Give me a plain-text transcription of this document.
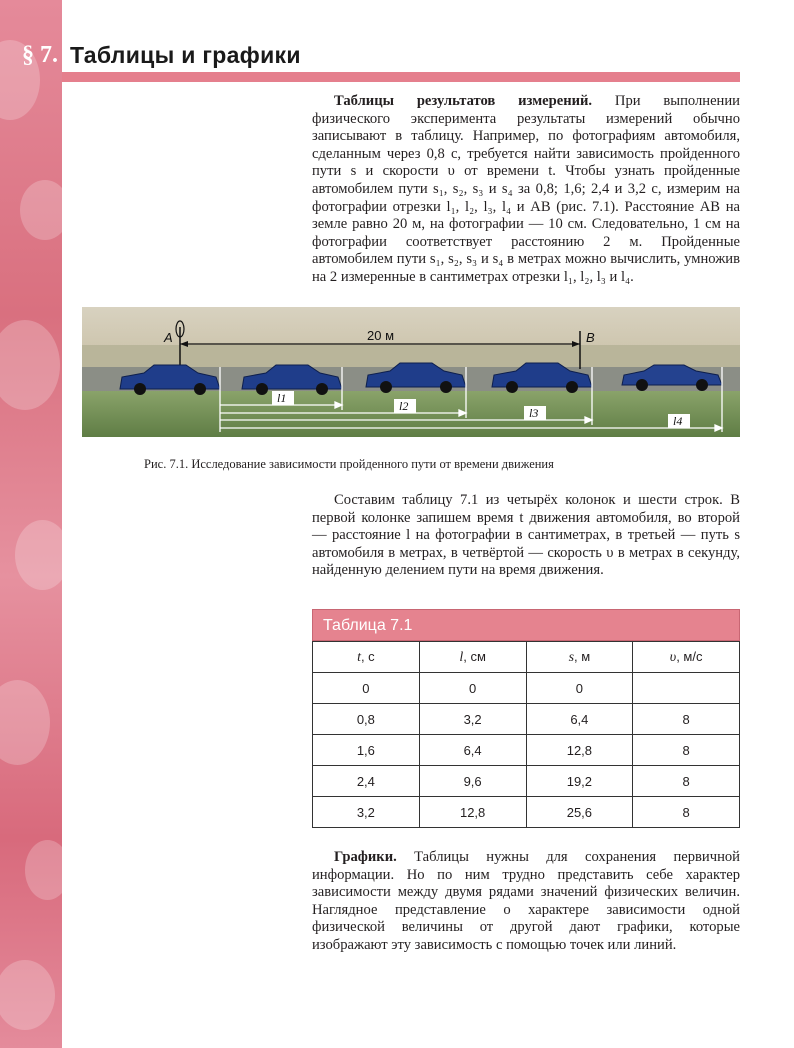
§ 7. Таблицы и графики

Таблицы результатов измерений. При выполнении физического эксперимента результаты измерений обычно записывают в таблицу. Например, по фотографиям автомобиля, сделанным через 0,8 с, требуется найти зависимость пройденного пути s и скорости υ от времени t. Чтобы узнать пройденные автомобилем пути s₁, s₂, s₃ и s₄ за 0,8; 1,6; 2,4 и 3,2 с, измерим на фотографии отрезки l₁, l₂, l₃, l₄ и AB (рис. 7.1). Расстояние AB на земле равно 20 м, на фотографии — 10 см. Следовательно, 1 см на фотографии соответствует расстоянию 2 м. Пройденные автомобилем пути s₁, s₂, s₃ и s₄ в метрах можно вычислить, умножив на 2 измеренные в сантиметрах отрезки l₁, l₂, l₃ и l₄.

A	B
20 м
l1
l2	l3
l4
Рис. 7.1. Исследование зависимости пройденного пути от времени движения

Составим таблицу 7.1 из четырёх колонок и шести строк. В первой колонке запишем время t движения автомобиля, во второй — расстояние l на фотографии в сантиметрах, в третьей — путь s автомобиля в метрах, в четвёртой — скорость υ в метрах в секунду, найденную делением пути на время движения.

Таблица 7.1
t, с	l, см	s, м	υ, м/с
0	0	0	
0,8	3,2	6,4	8
1,6	6,4	12,8	8
2,4	9,6	19,2	8
3,2	12,8	25,6	8

Графики. Таблицы нужны для сохранения первичной информации. Но по ним трудно представить себе характер зависимости между двумя рядами значений физических величин. Наглядное представление о характере зависимости одной физической величины от другой дают графики, которые изображают эту зависимость с помощью точек или линий.
